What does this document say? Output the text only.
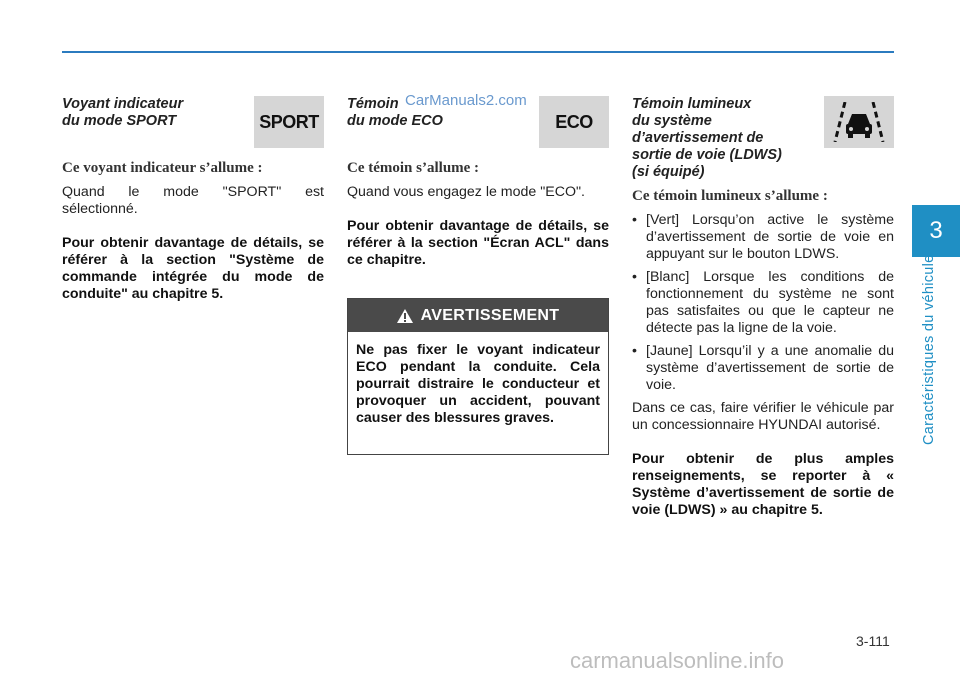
Voyant indicateur
du mode SPORT	SPORT

Ce voyant indicateur s’allume :

Quand le mode "SPORT" est sélectionné.

Pour obtenir davantage de détails, se référer à la section "Système de commande intégrée du mode de conduite" au chapitre 5.

Témoin
du mode ECO	ECO

Ce témoin s’allume :

Quand vous engagez le mode "ECO".

Pour obtenir davantage de détails, se référer à la section "Écran ACL" dans ce chapitre.

CarManuals2.com
AVERTISSEMENT
Ne pas fixer le voyant indicateur ECO pendant la conduite. Cela pourrait distraire le conducteur et provoquer un accident, pouvant causer des blessures graves.

Témoin lumineux
du système
d’avertissement de
sortie de voie (LDWS)
(si équipé)

Ce témoin lumineux s’allume :

• [Vert] Lorsqu’on active le système d’avertissement de sortie de voie en appuyant sur le bouton LDWS.
• [Blanc] Lorsque les conditions de fonctionnement du système ne sont pas satisfaites ou que le capteur ne détecte pas la ligne de la voie.
• [Jaune] Lorsqu’il y a une anomalie du système d’avertissement de sortie de voie.

Dans ce cas, faire vérifier le véhicule par un concessionnaire HYUNDAI autorisé.

Pour obtenir de plus amples renseignements, se reporter à « Système d’avertissement de sortie de voie (LDWS) » au chapitre 5.

3
Caractéristiques du véhicule
3-111
carmanualsonline.info
